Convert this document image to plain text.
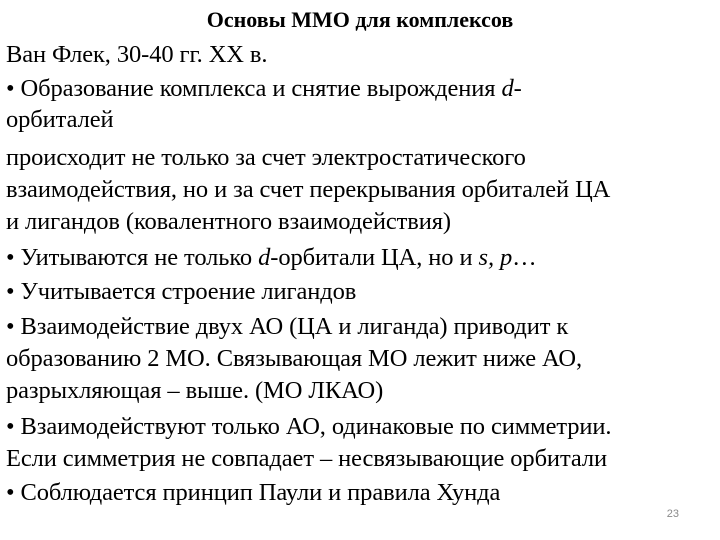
Основы ММО для комплексов
Ван Флек, 30-40 гг. ХХ в.
• Образование комплекса и снятие вырождения d-
орбиталей
происходит не только за счет электростатического
взаимодействия, но и за счет перекрывания орбиталей ЦА
и лигандов (ковалентного взаимодействия)
• Уитываются не только d-орбитали ЦА, но и s, p…
• Учитывается строение лигандов
• Взаимодействие двух АО (ЦА и лиганда) приводит к
образованию 2 МО. Связывающая МО лежит ниже АО,
разрыхляющая – выше. (МО ЛКАО)
• Взаимодействуют только АО, одинаковые по симметрии.
Если симметрия не совпадает – несвязывающие орбитали
• Соблюдается принцип Паули и правила Хунда
23
